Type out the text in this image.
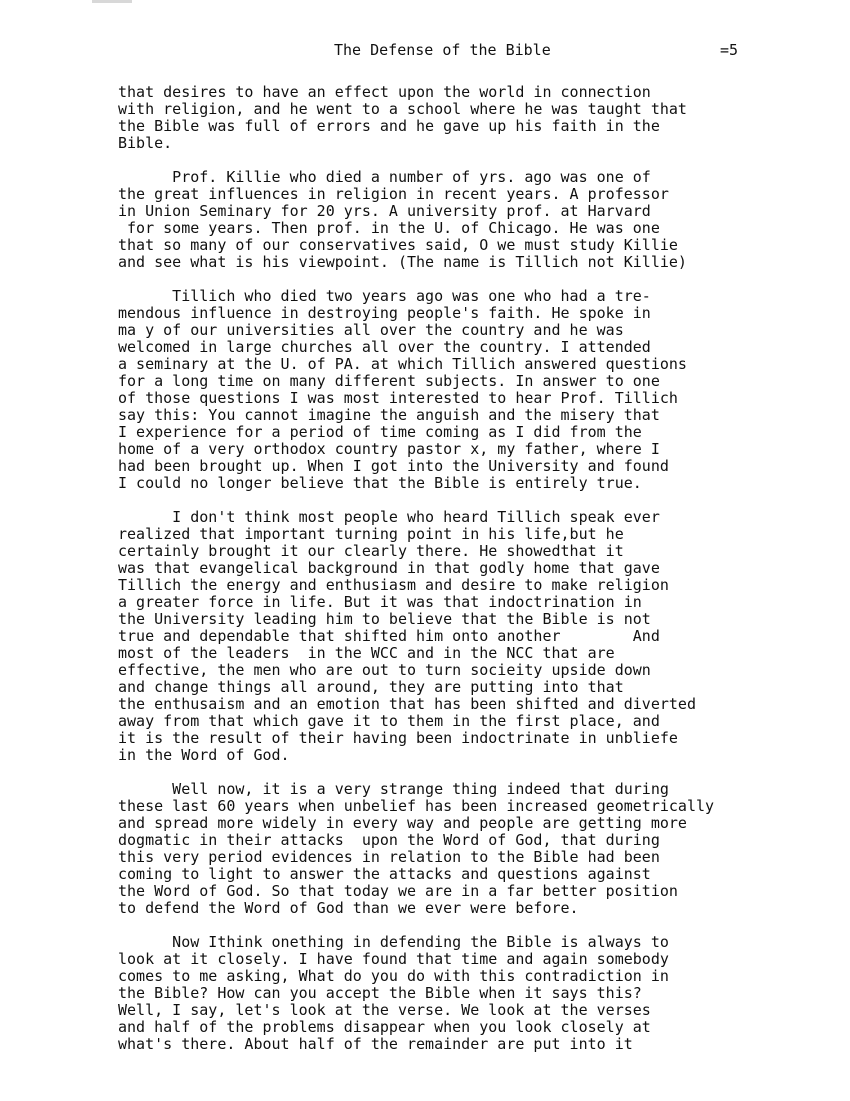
The Defense of the Bible	=5
that desires to have an effect upon the world in connection
with religion, and he went to a school where he was taught that
the Bible was full of errors and he gave up his faith in the
Bible.
Prof. Killie who died a number of yrs. ago was one of
the great influences in religion in recent years. A professor
in Union Seminary for 20 yrs. A university prof. at Harvard
for some years. Then prof. in the U. of Chicago. He was one
that so many of our conservatives said, O we must study Killie
and see what is his viewpoint. (The name is Tillich not Killie)
Tillich who died two years ago was one who had a tre-
mendous influence in destroying people's faith. He spoke in
ma y of our universities all over the country and he was
welcomed in large churches all over the country. I attended
a seminary at the U. of PA. at which Tillich answered questions
for a long time on many different subjects. In answer to one
of those questions I was most interested to hear Prof. Tillich
say this: You cannot imagine the anguish and the misery that
I experience for a period of time coming as I did from the
home of a very orthodox country pastor x, my father, where I
had been brought up. When I got into the University and found
I could no longer believe that the Bible is entirely true.
I don't think most people who heard Tillich speak ever
realized that important turning point in his life,but he
certainly brought it our clearly there. He showedthat it
was that evangelical background in that godly home that gave
Tillich the energy and enthusiasm and desire to make religion
a greater force in life. But it was that indoctrination in
the University leading him to believe that the Bible is not
true and dependable that shifted him onto another        And
most of the leaders  in the WCC and in the NCC that are
effective, the men who are out to turn socieity upside down
and change things all around, they are putting into that
the enthusaism and an emotion that has been shifted and diverted
away from that which gave it to them in the first place, and
it is the result of their having been indoctrinate in unbliefe
in the Word of God.
Well now, it is a very strange thing indeed that during
these last 60 years when unbelief has been increased geometrically
and spread more widely in every way and people are getting more
dogmatic in their attacks  upon the Word of God, that during
this very period evidences in relation to the Bible had been
coming to light to answer the attacks and questions against
the Word of God. So that today we are in a far better position
to defend the Word of God than we ever were before.
Now Ithink onething in defending the Bible is always to
look at it closely. I have found that time and again somebody
comes to me asking, What do you do with this contradiction in
the Bible? How can you accept the Bible when it says this?
Well, I say, let's look at the verse. We look at the verses
and half of the problems disappear when you look closely at
what's there. About half of the remainder are put into it
